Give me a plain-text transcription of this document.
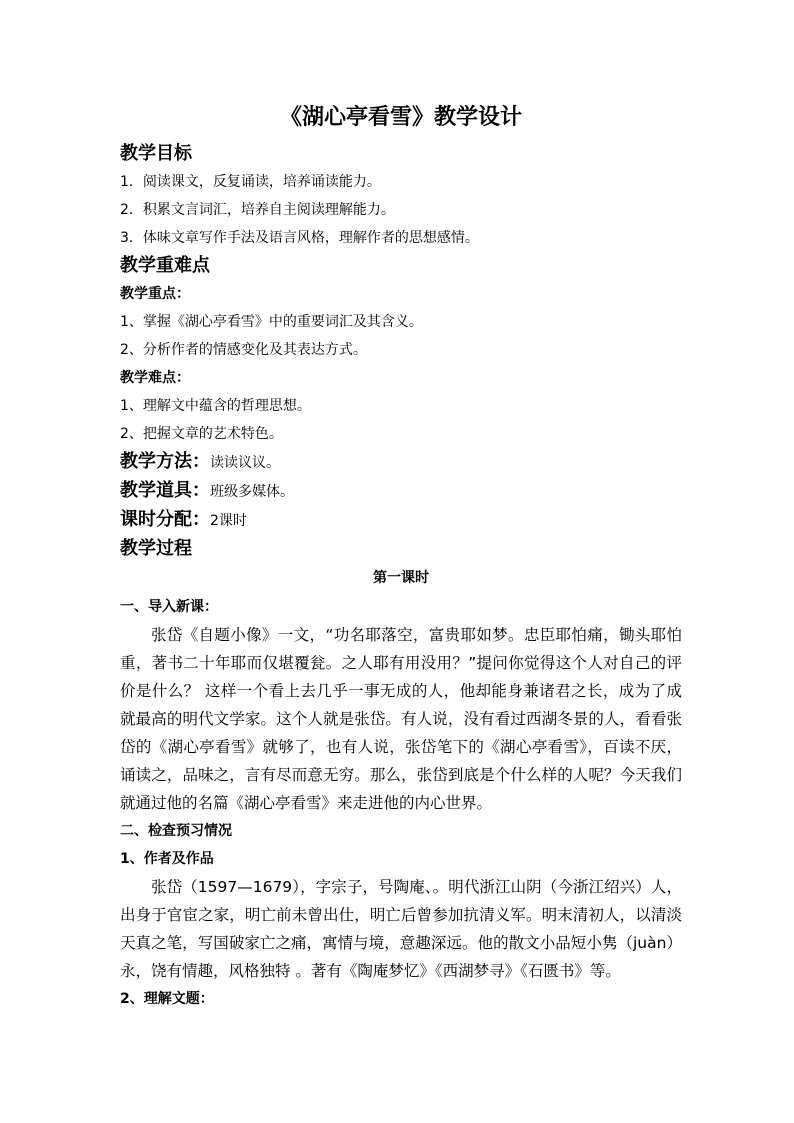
《湖心亭看雪》教学设计
教学目标
1．阅读课文，反复诵读，培养诵读能力。
2．积累文言词汇，培养自主阅读理解能力。
3．体味文章写作手法及语言风格，理解作者的思想感情。
教学重难点
教学重点：
1、掌握《湖心亭看雪》中的重要词汇及其含义。
2、分析作者的情感变化及其表达方式。
教学难点：
1、理解文中蕴含的哲理思想。
2、把握文章的艺术特色。
教学方法：读读议议。
教学道具：班级多媒体。
课时分配：2课时
教学过程
第一课时
一、导入新课：

张岱《自题小像》一文，“功名耶落空，富贵耶如梦。忠臣耶怕痛，锄头耶怕重，著书二十年耶而仅堪覆瓮。之人耶有用没用？”提问你觉得这个人对自己的评价是什么？ 这样一个看上去几乎一事无成的人，他却能身兼诸君之长，成为了成就最高的明代文学家。这个人就是张岱。有人说，没有看过西湖冬景的人，看看张岱的《湖心亭看雪》就够了，也有人说，张岱笔下的《湖心亭看雪》，百读不厌，诵读之，品味之，言有尽而意无穷。那么，张岱到底是个什么样的人呢？今天我们就通过他的名篇《湖心亭看雪》来走进他的内心世界。

二、检查预习情况
1、作者及作品

张岱（1597—1679），字宗子，号陶庵、。明代浙江山阴（今浙江绍兴）人，出身于官宦之家，明亡前未曾出仕，明亡后曾参加抗清义军。明末清初人，以清淡天真之笔，写国破家亡之痛，寓情与境，意趣深远。他的散文小品短小隽（juàn）永，饶有情趣，风格独特 。著有《陶庵梦忆》《西湖梦寻》《石匮书》等。

2、理解文题：
